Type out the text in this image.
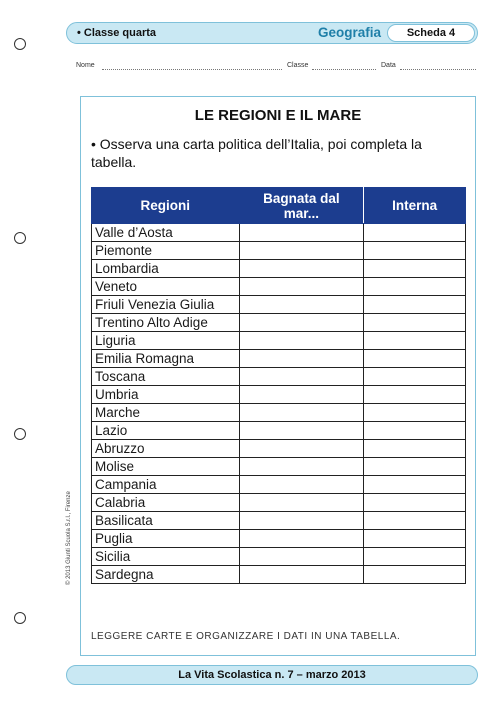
• Classe quarta	Geografia	Scheda 4
Nome	Classe	Data
LE REGIONI E IL MARE
• Osserva una carta politica dell’Italia, poi completa la tabella.
Regioni	Bagnata dal mar...	Interna
Valle d’Aosta		
Piemonte		
Lombardia		
Veneto		
Friuli Venezia Giulia		
Trentino Alto Adige		
Liguria		
Emilia Romagna		
Toscana		
Umbria		
Marche		
Lazio		
Abruzzo		
Molise		
Campania		
Calabria		
Basilicata		
Puglia		
Sicilia		
Sardegna		
LEGGERE CARTE E ORGANIZZARE I DATI IN UNA TABELLA.
© 2013 Giunti Scuola S.r.l., Firenze
La Vita Scolastica n. 7 – marzo 2013
